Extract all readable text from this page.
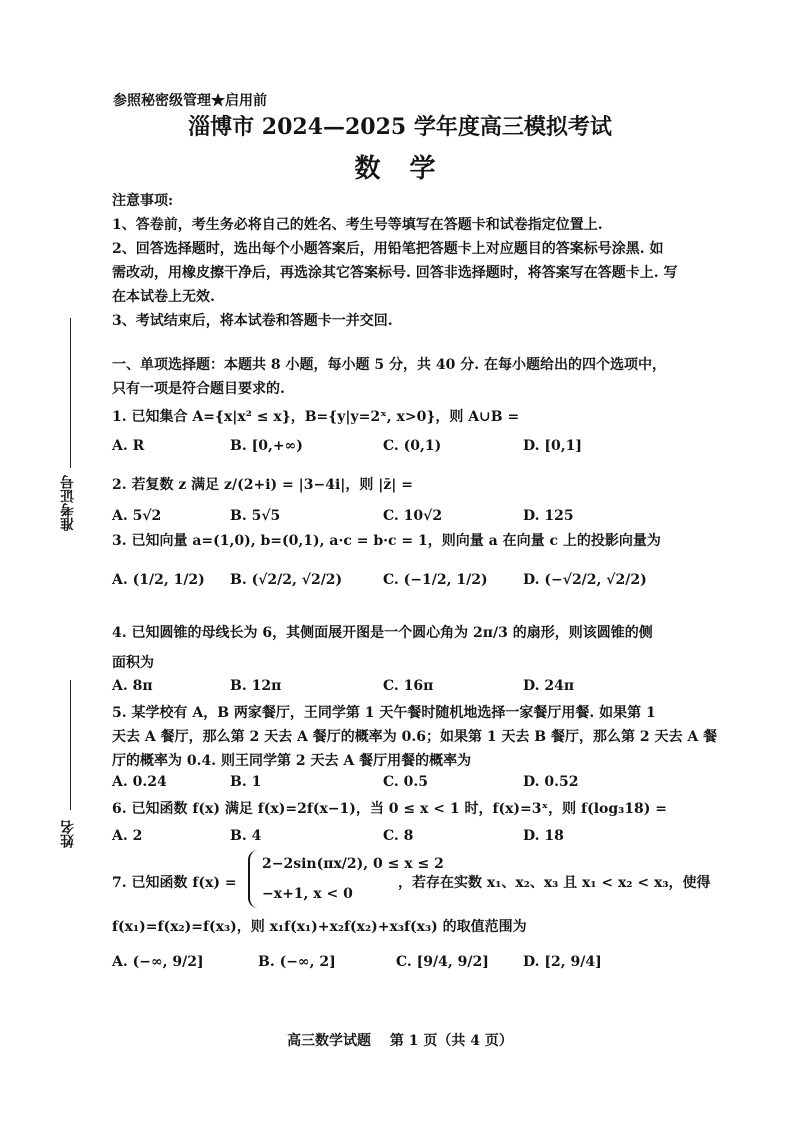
参照秘密级管理★启用前
淄博市 2024—2025 学年度高三模拟考试
数 学
注意事项:
1、答卷前，考生务必将自己的姓名、考生号等填写在答题卡和试卷指定位置上.
2、回答选择题时，选出每个小题答案后，用铅笔把答题卡上对应题目的答案标号涂黑. 如
需改动，用橡皮擦干净后，再选涂其它答案标号. 回答非选择题时，将答案写在答题卡上. 写
在本试卷上无效.
3、考试结束后，将本试卷和答题卡一并交回.
准考证号
姓名
一、单项选择题：本题共 8 小题，每小题 5 分，共 40 分. 在每小题给出的四个选项中，
只有一项是符合题目要求的.
1. 已知集合 A={x|x² ≤ x}，B={y|y=2ˣ, x>0}，则 A∪B =
A. R	B. [0,+∞)	C. (0,1)	D. [0,1]
2. 若复数 z 满足 z/(2+i) = |3−4i|，则 |z̄| =
A. 5√2	B. 5√5	C. 10√2	D. 125
3. 已知向量 a=(1,0), b=(0,1), a·c = b·c = 1，则向量 a 在向量 c 上的投影向量为
A. (1/2, 1/2) B. (√2/2, √2/2)	C. (−1/2, 1/2)	D. (−√2/2, √2/2)
4. 已知圆锥的母线长为 6，其侧面展开图是一个圆心角为 2π/3 的扇形，则该圆锥的侧
面积为
A. 8π	B. 12π	C. 16π	D. 24π
5. 某学校有 A，B 两家餐厅，王同学第 1 天午餐时随机地选择一家餐厅用餐. 如果第 1
天去 A 餐厅，那么第 2 天去 A 餐厅的概率为 0.6；如果第 1 天去 B 餐厅，那么第 2 天去 A 餐
厅的概率为 0.4. 则王同学第 2 天去 A 餐厅用餐的概率为
A. 0.24	B. 1	C. 0.5	D. 0.52
6. 已知函数 f(x) 满足 f(x)=2f(x−1)，当 0 ≤ x < 1 时，f(x)=3ˣ，则 f(log₃18) =
A. 2	B. 4	C. 8	D. 18
7. 已知函数 f(x) =
2−2sin(πx/2), 0 ≤ x ≤ 2
−x+1, x < 0
，若存在实数 x₁、x₂、x₃ 且 x₁ < x₂ < x₃，使得
f(x₁)=f(x₂)=f(x₃)，则 x₁f(x₁)+x₂f(x₂)+x₃f(x₃) 的取值范围为
A. (−∞, 9/2]	B. (−∞, 2]	C. [9/4, 9/2] D. [2, 9/4]
高三数学试题　 第 1 页（共 4 页）
